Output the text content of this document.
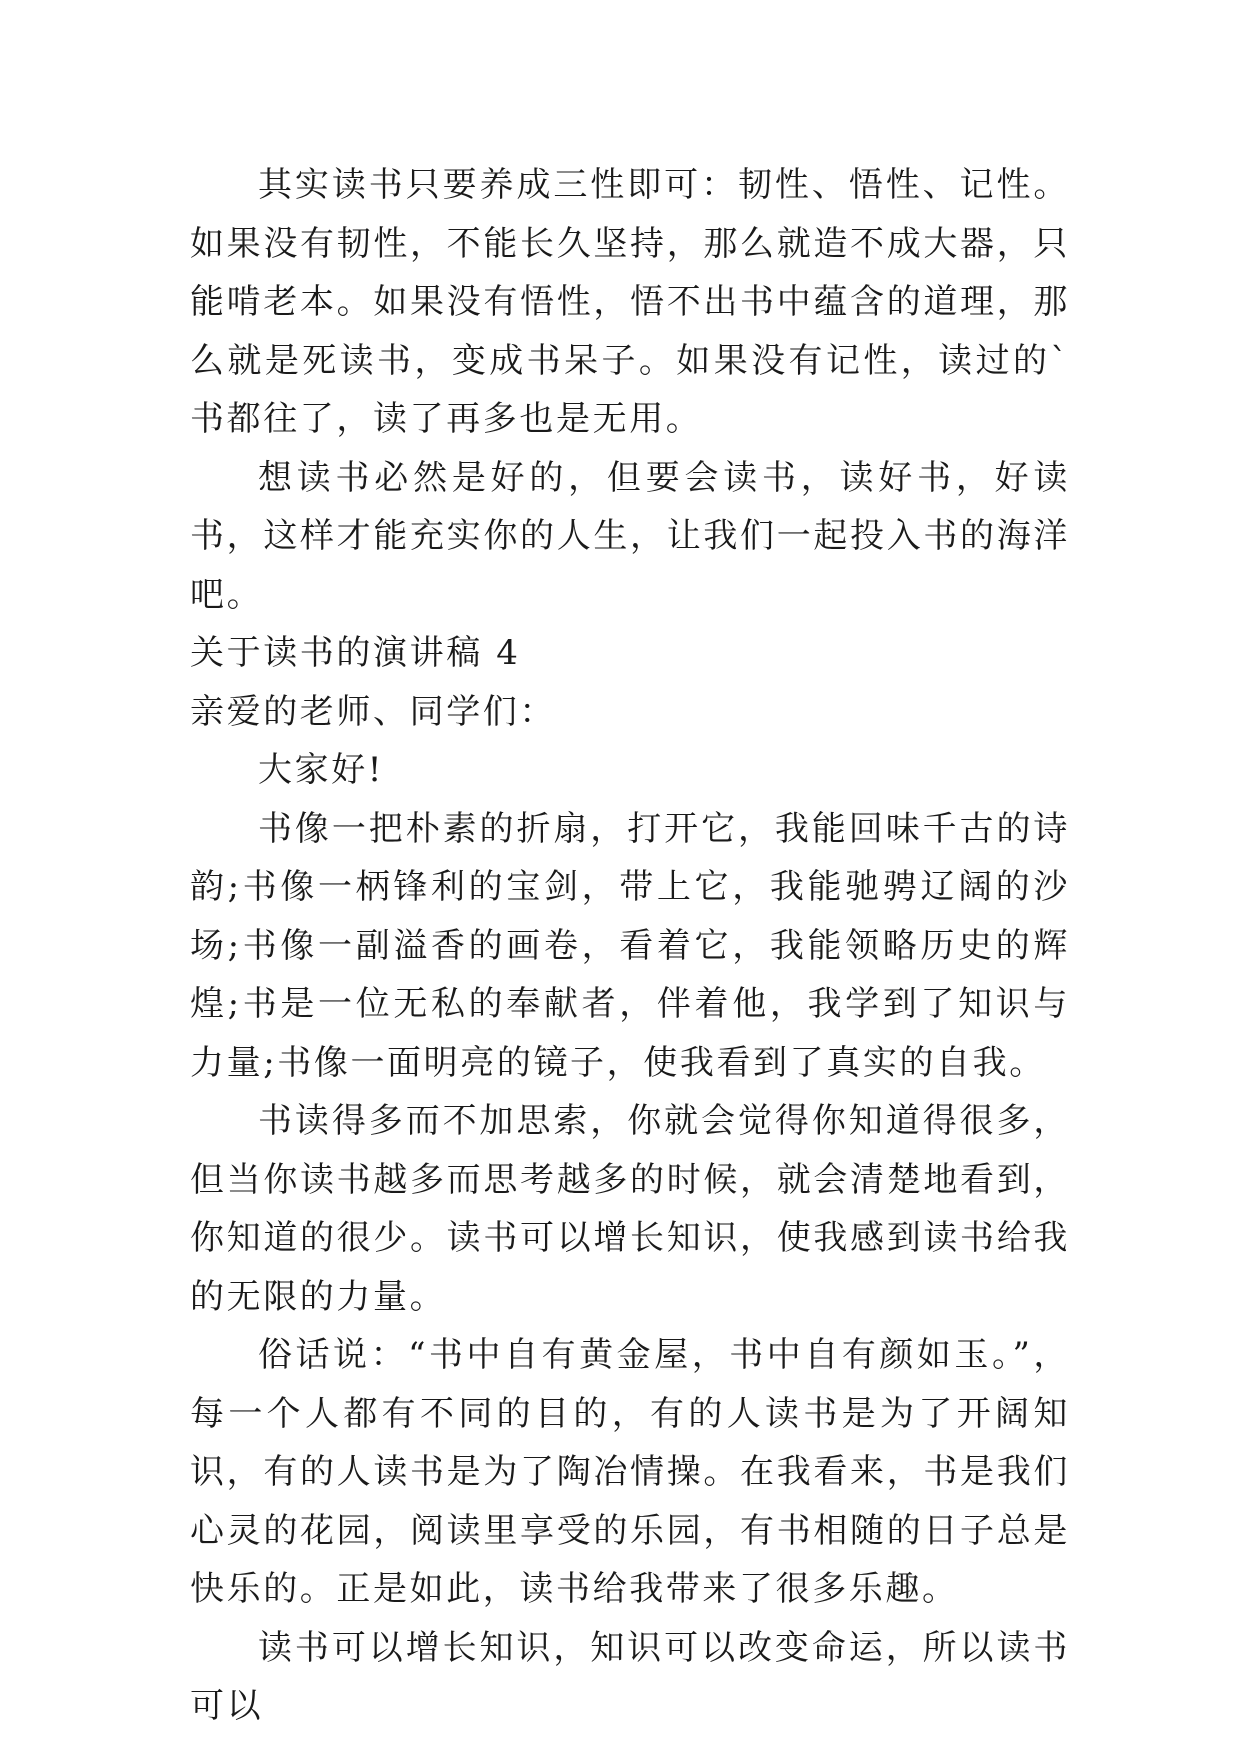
其实读书只要养成三性即可：韧性、悟性、记性。如果没有韧性，不能长久坚持，那么就造不成大器，只能啃老本。如果没有悟性，悟不出书中蕴含的道理，那么就是死读书，变成书呆子。如果没有记性，读过的`书都往了，读了再多也是无用。

想读书必然是好的，但要会读书，读好书，好读书，这样才能充实你的人生，让我们一起投入书的海洋吧。

关于读书的演讲稿 4

亲爱的老师、同学们：

大家好!

书像一把朴素的折扇，打开它，我能回味千古的诗韵;书像一柄锋利的宝剑，带上它，我能驰骋辽阔的沙场;书像一副溢香的画卷，看着它，我能领略历史的辉煌;书是一位无私的奉献者，伴着他，我学到了知识与力量;书像一面明亮的镜子，使我看到了真实的自我。

书读得多而不加思索，你就会觉得你知道得很多，但当你读书越多而思考越多的时候，就会清楚地看到，你知道的很少。读书可以增长知识，使我感到读书给我的无限的力量。

俗话说：“书中自有黄金屋，书中自有颜如玉。”，每一个人都有不同的目的，有的人读书是为了开阔知识，有的人读书是为了陶冶情操。在我看来，书是我们心灵的花园，阅读里享受的乐园，有书相随的日子总是快乐的。正是如此，读书给我带来了很多乐趣。

读书可以增长知识，知识可以改变命运，所以读书可以
